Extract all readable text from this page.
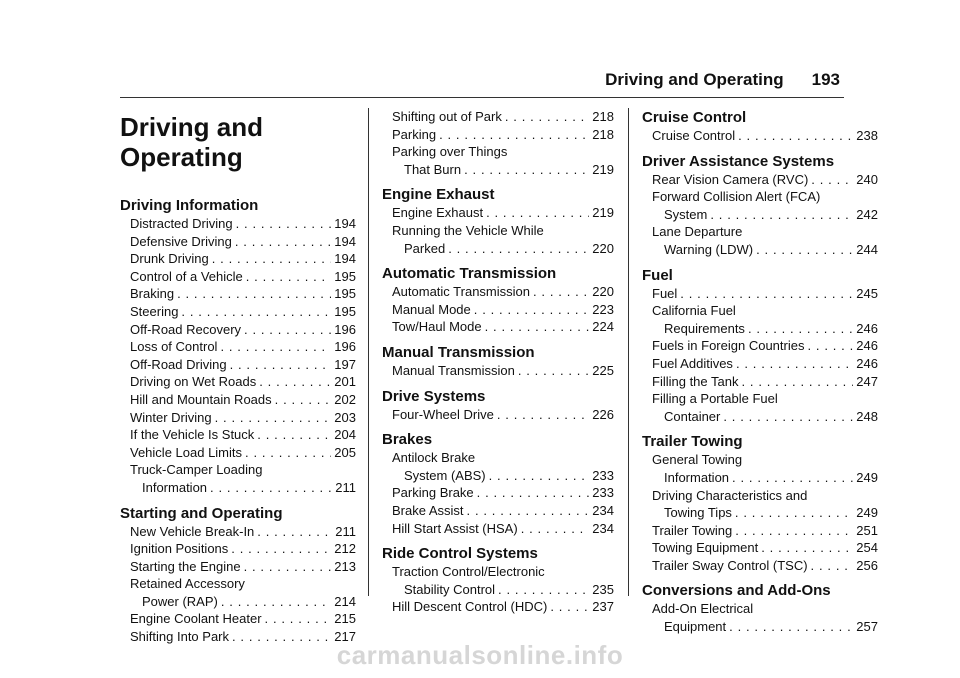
Driving and Operating 193
Driving and
Operating
Driving Information
Distracted Driving . . .	194
Defensive Driving . . .	194
Drunk Driving . . .	194
Control of a Vehicle . . .	195
Braking . . .	195
Steering . . .	195
Off-Road Recovery . . .	196
Loss of Control . . .	196
Off-Road Driving . . .	197
Driving on Wet Roads . . .	201
Hill and Mountain Roads . . .	202
Winter Driving . . .	203
If the Vehicle Is Stuck . . .	204
Vehicle Load Limits . . .	205
Truck-Camper Loading
Information . . .	211
Starting and Operating
New Vehicle Break-In . . .	211
Ignition Positions . . .	212
Starting the Engine . . .	213
Retained Accessory
Power (RAP) . . .	214
Engine Coolant Heater . . .	215
Shifting Into Park . . .	217
Shifting out of Park . . .	218
Parking . . .	218
Parking over Things
That Burn . . .	219
Engine Exhaust
Engine Exhaust . . .	219
Running the Vehicle While
Parked . . .	220
Automatic Transmission
Automatic Transmission . . .	220
Manual Mode . . .	223
Tow/Haul Mode . . .	224
Manual Transmission
Manual Transmission . . .	225
Drive Systems
Four-Wheel Drive . . .	226
Brakes
Antilock Brake
System (ABS) . . .	233
Parking Brake . . .	233
Brake Assist . . .	234
Hill Start Assist (HSA) . . .	234
Ride Control Systems
Traction Control/Electronic
Stability Control . . .	235
Hill Descent Control (HDC) . . .	237
Cruise Control
Cruise Control . . .	238
Driver Assistance Systems
Rear Vision Camera (RVC) . . .	240
Forward Collision Alert (FCA)
System . . .	242
Lane Departure
Warning (LDW) . . .	244
Fuel
Fuel . . .	245
California Fuel
Requirements . . .	246
Fuels in Foreign Countries . . .	246
Fuel Additives . . .	246
Filling the Tank . . .	247
Filling a Portable Fuel
Container . . .	248
Trailer Towing
General Towing
Information . . .	249
Driving Characteristics and
Towing Tips . . .	249
Trailer Towing . . .	251
Towing Equipment . . .	254
Trailer Sway Control (TSC) . . .	256
Conversions and Add-Ons
Add-On Electrical
Equipment . . .	257
carmanualsonline.info
